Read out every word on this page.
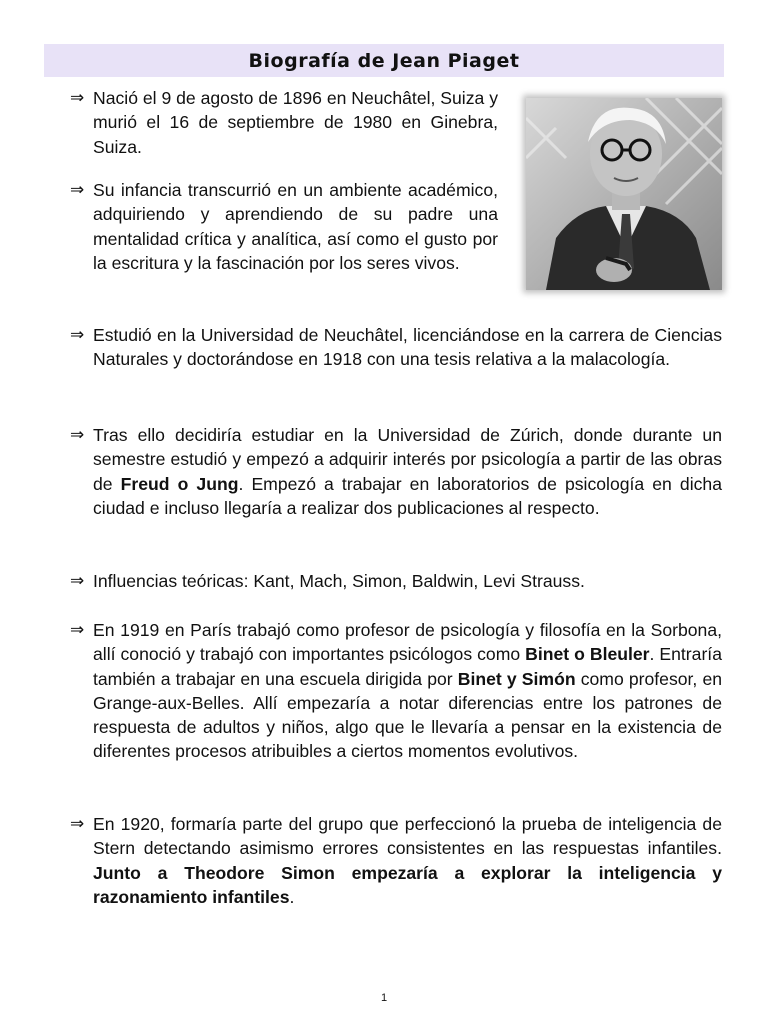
Biografía de Jean Piaget
⇒ Nació el 9 de agosto de 1896 en Neuchâtel, Suiza y murió el 16 de septiembre de 1980 en Ginebra, Suiza.
⇒ Su infancia transcurrió en un ambiente académico, adquiriendo y aprendiendo de su padre una mentalidad crítica y analítica, así como el gusto por la escritura y la fascinación por los seres vivos.
⇒ Estudió en la Universidad de Neuchâtel, licenciándose en la carrera de Ciencias Naturales y doctorándose en 1918 con una tesis relativa a la malacología.
⇒ Tras ello decidiría estudiar en la Universidad de Zúrich, donde durante un semestre estudió y empezó a adquirir interés por psicología a partir de las obras de Freud o Jung. Empezó a trabajar en laboratorios de psicología en dicha ciudad e incluso llegaría a realizar dos publicaciones al respecto.
⇒ Influencias teóricas: Kant, Mach, Simon, Baldwin, Levi Strauss.
⇒ En 1919 en París trabajó como profesor de psicología y filosofía en la Sorbona, allí conoció y trabajó con importantes psicólogos como Binet o Bleuler. Entraría también a trabajar en una escuela dirigida por Binet y Simón como profesor, en Grange-aux-Belles. Allí empezaría a notar diferencias entre los patrones de respuesta de adultos y niños, algo que le llevaría a pensar en la existencia de diferentes procesos atribuibles a ciertos momentos evolutivos.
⇒ En 1920, formaría parte del grupo que perfeccionó la prueba de inteligencia de Stern detectando asimismo errores consistentes en las respuestas infantiles. Junto a Theodore Simon empezaría a explorar la inteligencia y razonamiento infantiles.
1
